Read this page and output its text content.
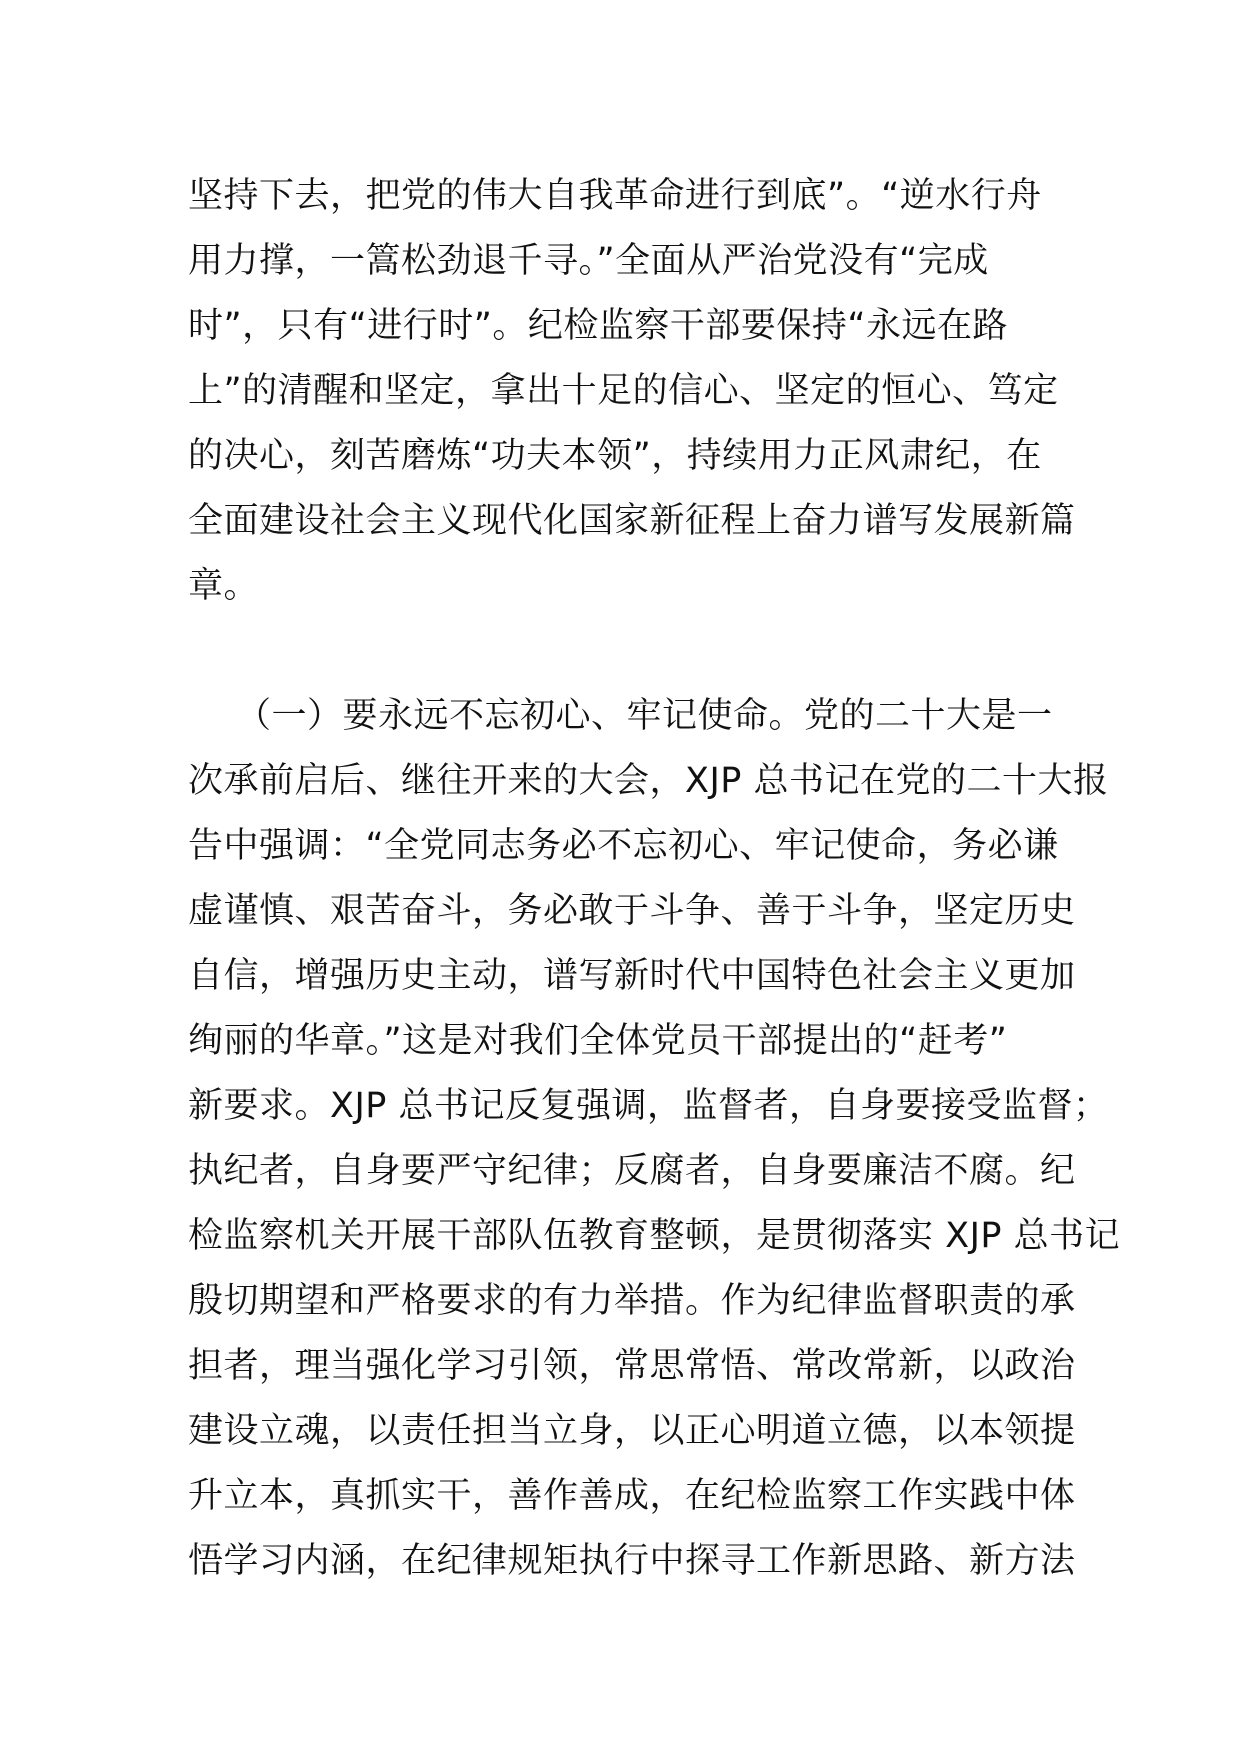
坚持下去，把党的伟大自我革命进行到底”。“逆水行舟
用力撑，一篙松劲退千寻。”全面从严治党没有“完成
时”，只有“进行时”。纪检监察干部要保持“永远在路
上”的清醒和坚定，拿出十足的信心、坚定的恒心、笃定
的决心，刻苦磨炼“功夫本领”，持续用力正风肃纪，在
全面建设社会主义现代化国家新征程上奋力谱写发展新篇
章。
（一）要永远不忘初心、牢记使命。党的二十大是一
次承前启后、继往开来的大会，XJP 总书记在党的二十大报
告中强调：“全党同志务必不忘初心、牢记使命，务必谦
虚谨慎、艰苦奋斗，务必敢于斗争、善于斗争，坚定历史
自信，增强历史主动，谱写新时代中国特色社会主义更加
绚丽的华章。”这是对我们全体党员干部提出的“赶考”
新要求。XJP 总书记反复强调，监督者，自身要接受监督；
执纪者，自身要严守纪律；反腐者，自身要廉洁不腐。纪
检监察机关开展干部队伍教育整顿，是贯彻落实 XJP 总书记
殷切期望和严格要求的有力举措。作为纪律监督职责的承
担者，理当强化学习引领，常思常悟、常改常新，以政治
建设立魂，以责任担当立身，以正心明道立德，以本领提
升立本，真抓实干，善作善成，在纪检监察工作实践中体
悟学习内涵，在纪律规矩执行中探寻工作新思路、新方法
